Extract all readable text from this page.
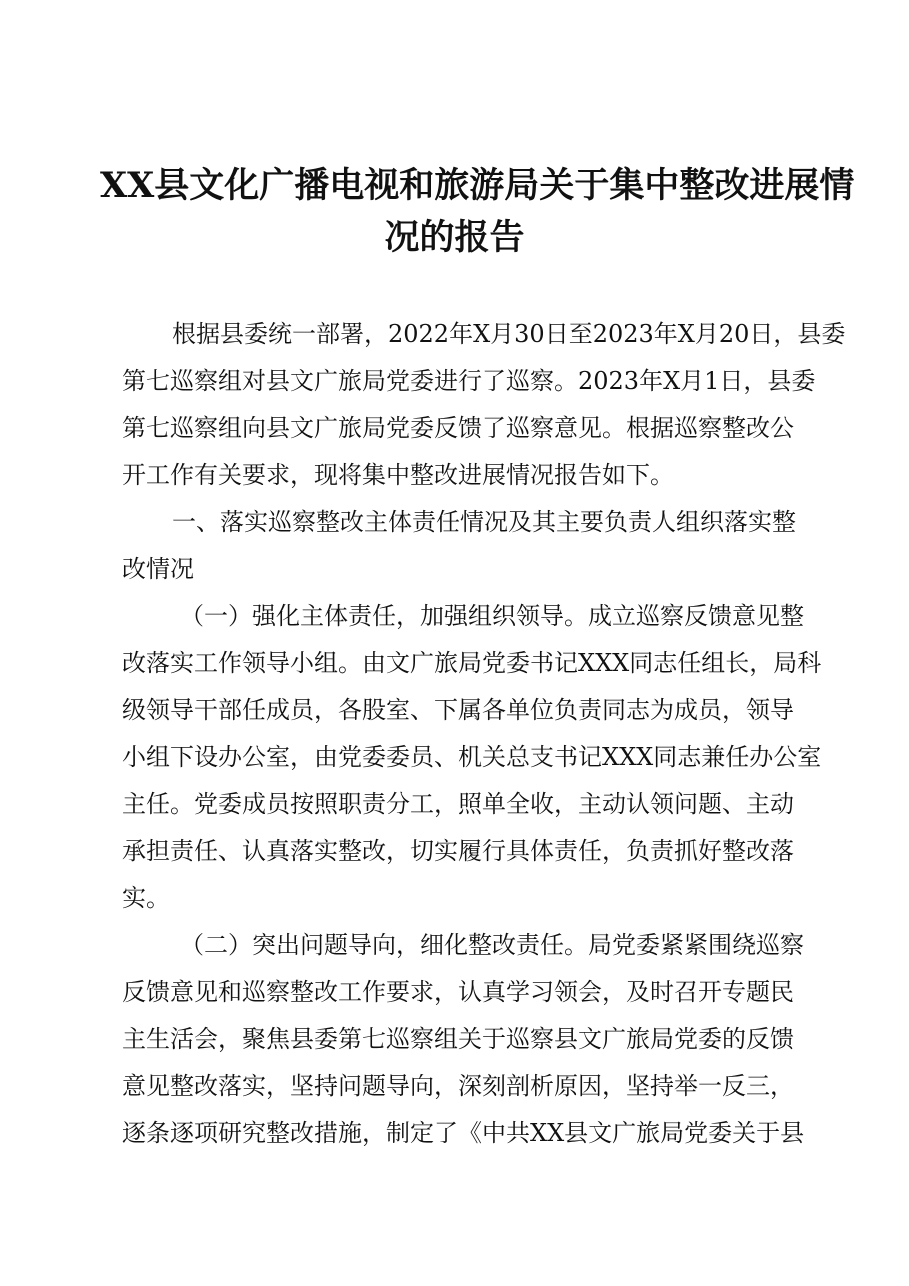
XX县文化广播电视和旅游局关于集中整改进展情
况的报告
根据县委统一部署，2022年X月30日至2023年X月20日，县委
第七巡察组对县文广旅局党委进行了巡察。2023年X月1日，县委
第七巡察组向县文广旅局党委反馈了巡察意见。根据巡察整改公
开工作有关要求，现将集中整改进展情况报告如下。
一、落实巡察整改主体责任情况及其主要负责人组织落实整
改情况
（一）强化主体责任，加强组织领导。成立巡察反馈意见整
改落实工作领导小组。由文广旅局党委书记XXX同志任组长，局科
级领导干部任成员，各股室、下属各单位负责同志为成员，领导
小组下设办公室，由党委委员、机关总支书记XXX同志兼任办公室
主任。党委成员按照职责分工，照单全收，主动认领问题、主动
承担责任、认真落实整改，切实履行具体责任，负责抓好整改落
实。
（二）突出问题导向，细化整改责任。局党委紧紧围绕巡察
反馈意见和巡察整改工作要求，认真学习领会，及时召开专题民
主生活会，聚焦县委第七巡察组关于巡察县文广旅局党委的反馈
意见整改落实，坚持问题导向，深刻剖析原因，坚持举一反三，
逐条逐项研究整改措施，制定了《中共XX县文广旅局党委关于县
